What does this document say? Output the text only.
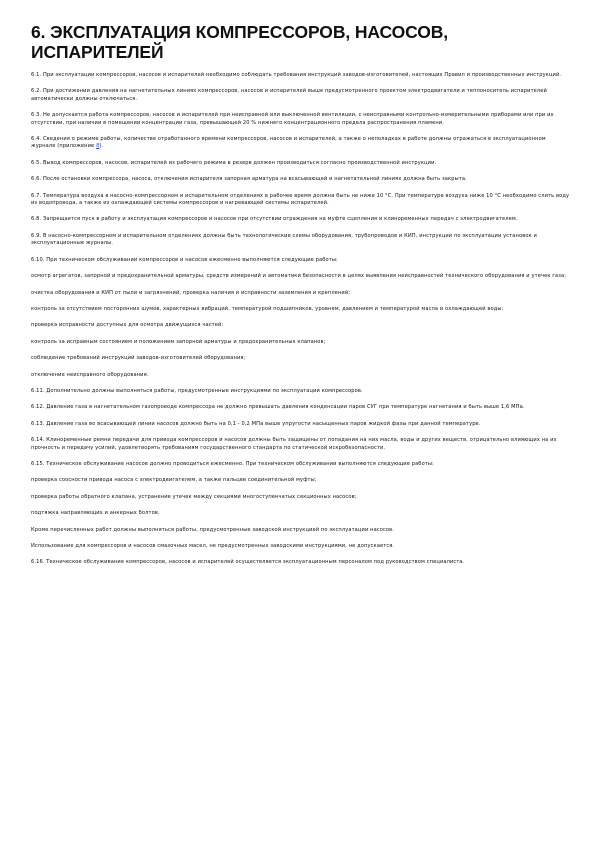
6. ЭКСПЛУАТАЦИЯ КОМПРЕССОРОВ, НАСОСОВ, ИСПАРИТЕЛЕЙ

6.1. При эксплуатации компрессоров, насосов и испарителей необходимо соблюдать требования инструкций заводов-изготовителей, настоящих Правил и производственных инструкций.

6.2. При достижении давления на нагнетательных линиях компрессоров, насосов и испарителей выше предусмотренного проектом электродвигатели и теплоноситель испарителей автоматически должны отключаться.

6.3. Не допускается работа компрессоров, насосов и испарителей при неисправной или выключенной вентиляции, с неисправными контрольно-измерительными приборами или при их отсутствии, при наличии в помещении концентрации газа, превышающей 20 % нижнего концентрационного предела распространения пламени.

6.4. Сведения о режиме работы, количестве отработанного времени компрессоров, насосов и испарителей, а также о неполадках в работе должны отражаться в эксплуатационном журнале (приложение 8).

6.5. Вывод компрессоров, насосов, испарителей из рабочего режима в резерв должен производиться согласно производственной инструкции.

6.6. После остановки компрессора, насоса, отключения испарителя запорная арматура на всасывающей и нагнетательной линиях должна быть закрыта.

6.7. Температура воздуха в насосно-компрессорном и испарительном отделениях в рабочее время должна быть не ниже 10 °С. При температуре воздуха ниже 10 °С необходимо слить воду из водопровода, а также из охлаждающей системы компрессоров и нагревающей системы испарителей.

6.8. Запрещается пуск в работу и эксплуатация компрессоров и насосов при отсутствии ограждения на муфте сцепления и клиноременных передач с электродвигателем.

6.9. В насосно-компрессорном и испарительном отделениях должны быть технологические схемы оборудования, трубопроводов и КИП, инструкции по эксплуатации установок и эксплуатационные журналы.

6.10. При техническом обслуживании компрессоров и насосов ежесменно выполняются следующие работы:

осмотр агрегатов, запорной и предохранительной арматуры, средств измерений и автоматики безопасности в целях выявления неисправностей технического оборудования и утечек газа;

очистка оборудования и КИП от пыли и загрязнений, проверка наличия и исправности заземления и креплений;

контроль за отсутствием посторонних шумов, характерных вибраций, температурой подшипников, уровнем, давлением и температурой масла и охлаждающей воды;

проверка исправности доступных для осмотра движущихся частей;

контроль за исправным состоянием и положением запорной арматуры и предохранительных клапанов;

соблюдение требований инструкций заводов-изготовителей оборудования;

отключение неисправного оборудования.

6.11. Дополнительно должны выполняться работы, предусмотренные инструкциями по эксплуатации компрессоров.

6.12. Давление газа в нагнетательном газопроводе компрессора не должно превышать давления конденсации паров СУГ при температуре нагнетания и быть выше 1,6 МПа.

6.13. Давление газа во всасывающей линии насосов должно быть на 0,1 - 0,2 МПа выше упругости насыщенных паров жидкой фазы при данной температуре.

6.14. Клиноременные ремни передачи для привода компрессоров и насосов должны быть защищены от попадания на них масла, воды и других веществ, отрицательно влияющих на их прочность и передачу усилий, удовлетворять требованиям государственного стандарта по статической искробезопасности.

6.15. Техническое обслуживание насосов должно проводиться ежесменно. При техническом обслуживании выполняются следующие работы:

проверка соосности привода насоса с электродвигателем, а также пальцев соединительной муфты;

проверка работы обратного клапана, устранение утечек между секциями многоступенчатых секционных насосов;

подтяжка направляющих и анкерных болтов.

Кроме перечисленных работ должны выполняться работы, предусмотренные заводской инструкцией по эксплуатации насосов.

Использование для компрессоров и насосов смазочных масел, не предусмотренных заводскими инструкциями, не допускается.

6.16. Техническое обслуживание компрессоров, насосов и испарителей осуществляется эксплуатационным персоналом под руководством специалиста.
